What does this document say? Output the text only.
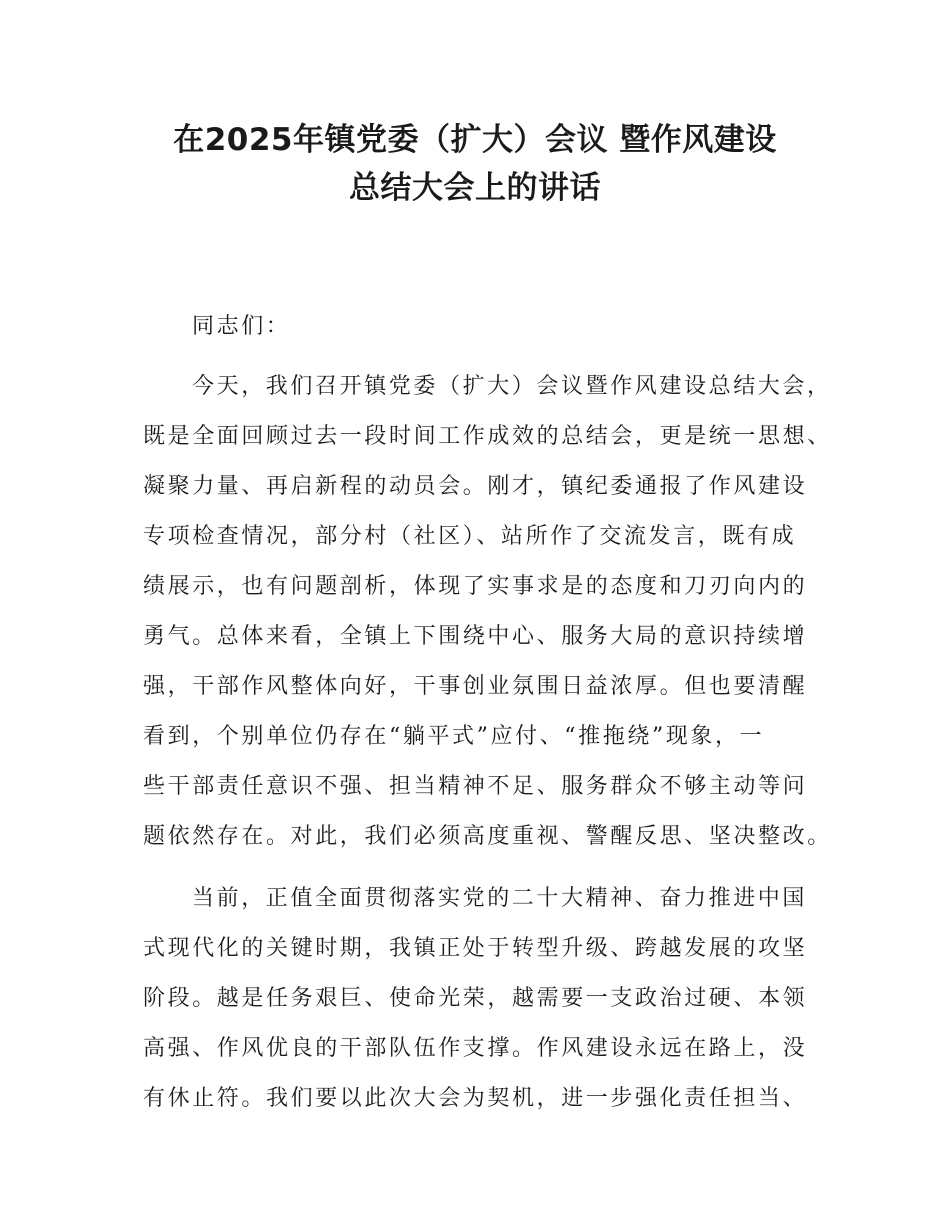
在2025年镇党委（扩大）会议 暨作风建设
总结大会上的讲话
同志们：
今天，我们召开镇党委（扩大）会议暨作风建设总结大会，
既是全面回顾过去一段时间工作成效的总结会，更是统一思想、
凝聚力量、再启新程的动员会。刚才，镇纪委通报了作风建设
专项检查情况，部分村（社区）、站所作了交流发言，既有成
绩展示，也有问题剖析，体现了实事求是的态度和刀刃向内的
勇气。总体来看，全镇上下围绕中心、服务大局的意识持续增
强，干部作风整体向好，干事创业氛围日益浓厚。但也要清醒
看到，个别单位仍存在“躺平式”应付、“推拖绕”现象，一
些干部责任意识不强、担当精神不足、服务群众不够主动等问
题依然存在。对此，我们必须高度重视、警醒反思、坚决整改。
当前，正值全面贯彻落实党的二十大精神、奋力推进中国
式现代化的关键时期，我镇正处于转型升级、跨越发展的攻坚
阶段。越是任务艰巨、使命光荣，越需要一支政治过硬、本领
高强、作风优良的干部队伍作支撑。作风建设永远在路上，没
有休止符。我们要以此次大会为契机，进一步强化责任担当、
